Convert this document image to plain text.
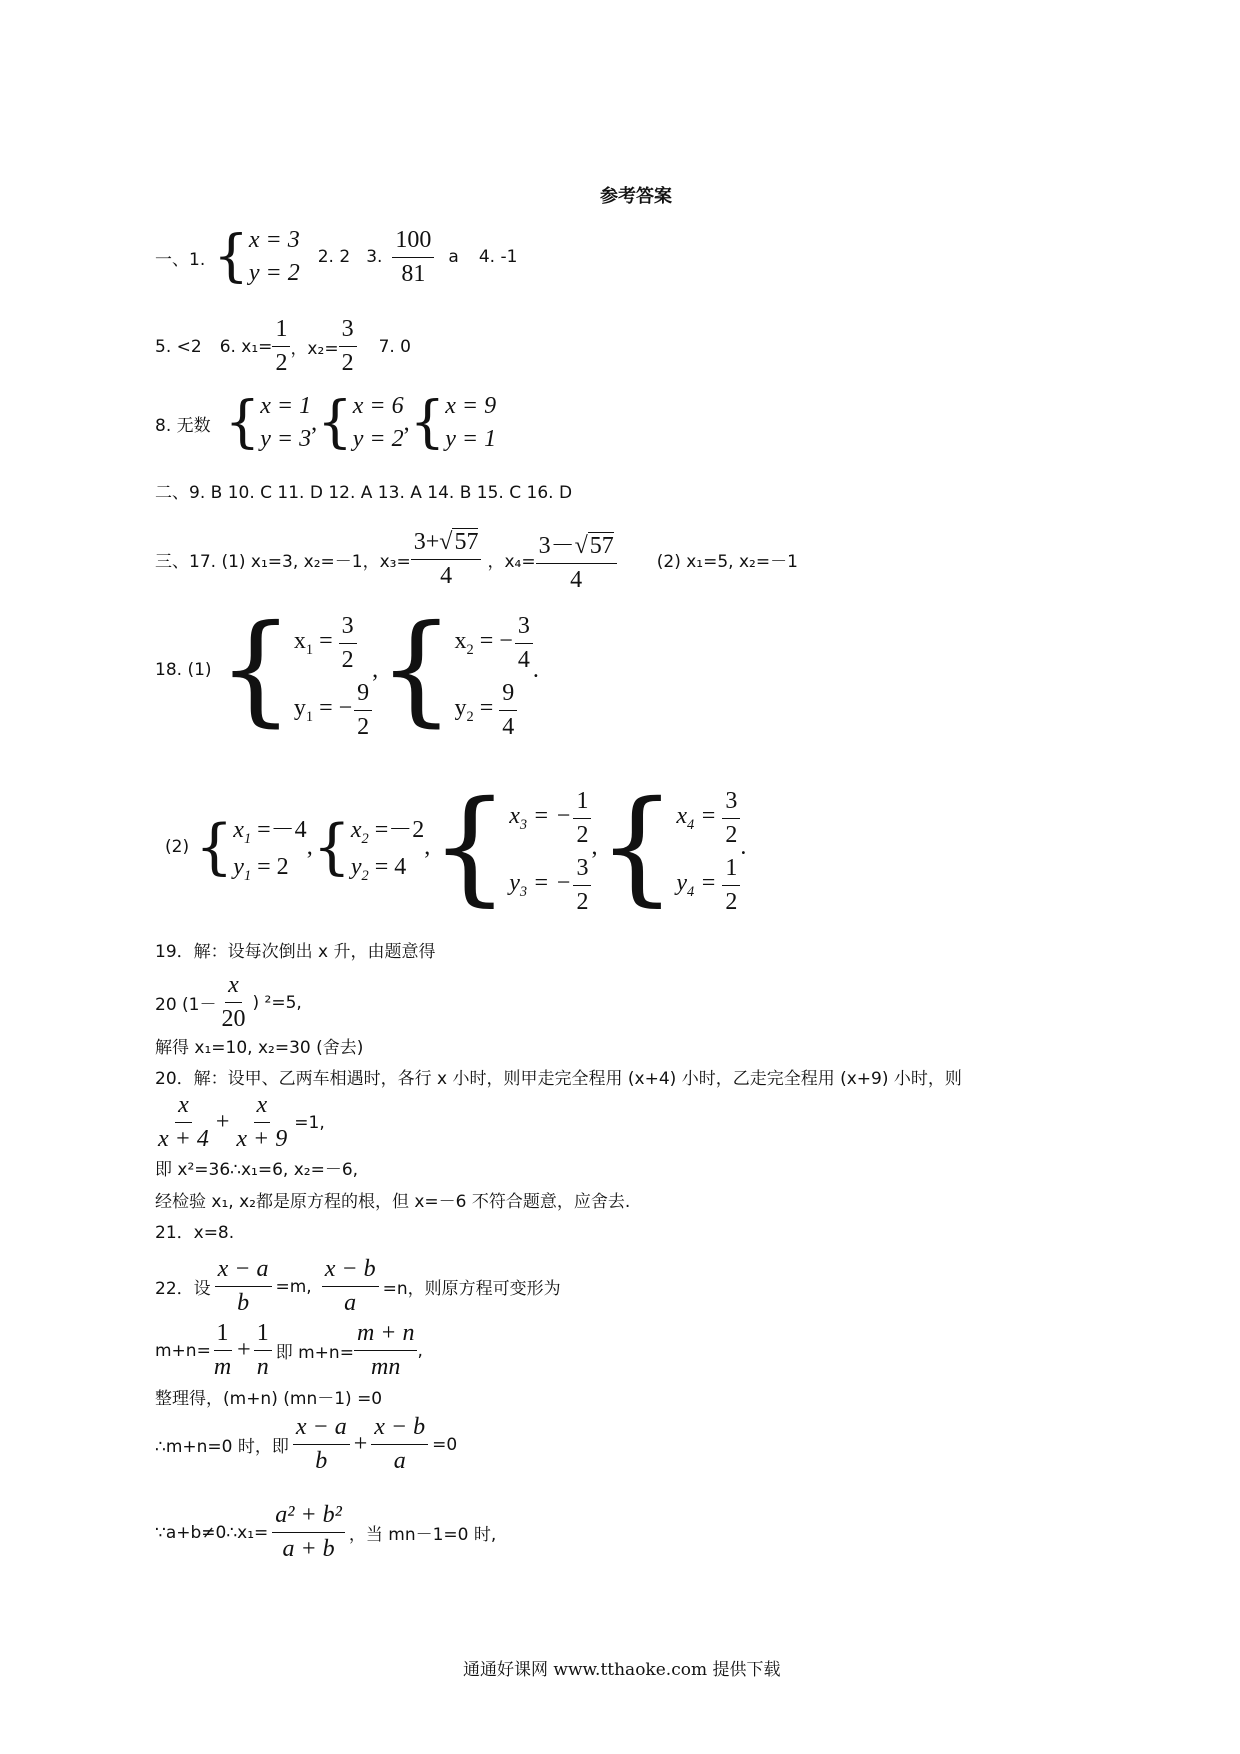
参考答案
一、1. { x = 3
y = 2
2. 2 3. $\frac{100}{81}$ a 4. -1
5. <2 6. $x_1= \frac{1}{2}$ ，$x_2= \frac{3}{2} 7$. 0
8. 无数 { x = 1
y = 3
, { x = 6
y = 2
, { x = 9
y = 1
二、9. B 10. C 11. D 12. A 13. A 14. B 15. C 16. D
三、17. (1) x₁=3, x₂=－1，$x_3= \frac{3+√57}{4}$ ，$x_4= \frac{3-√57}{4} (2)$ x₁=5, x₂=－1
18. (1) { $x_1 = \frac{3}{2}$
$y_1$ = − $\frac{9}{2}$
, { $x_2$ = − $\frac{3}{4}$
$y_2 = \frac{9}{4}$
.
(2) { $x_1 =-4$
$y_1 = 2$
, { $x_2 =-2$
$y_2 = 4$
, { $x_3$ = − $\frac{1}{2}$
$y_3$ = − $\frac{3}{2}$
, { $x_4 = \frac{3}{2}$
$y_4 = \frac{1}{2}$
.
19．解：设每次倒出 x 升，由题意得
20 ($1- \frac{x}{20}$ ) ²=5,
解得 x₁=10, x₂=30 (舍去)
20．解：设甲、乙两车相遇时，各行 x 小时，则甲走完全程用 (x+4) 小时，乙走完全程用 (x+9) 小时，则
$\frac{x}{x + 4} + \frac{x}{x + 9} =1$,
即 x²=36∴x₁=6, x₂=－6,
经检验 x₁, x₂都是原方程的根，但 x=－6 不符合题意，应舍去.
21．x=8.
22．设 $\frac{x - a}{b} =m$, $\frac{x - b}{a} =n$，则原方程可变形为
$m+n= \frac{1}{m} + \frac{1}{n}$ 即 $m+n= \frac{m + n}{mn}$ ,
整理得，(m+n) (mn－1) =0
∴m+n=0 时，即 $\frac{x - a}{b} + \frac{x - b}{a} =0$
∵a+b≠0∴x₁= $\frac{\text{a² + b²}}{a + b}$ ，当 mn－1=0 时,
通通好课网 www.tthaoke.com 提供下载
